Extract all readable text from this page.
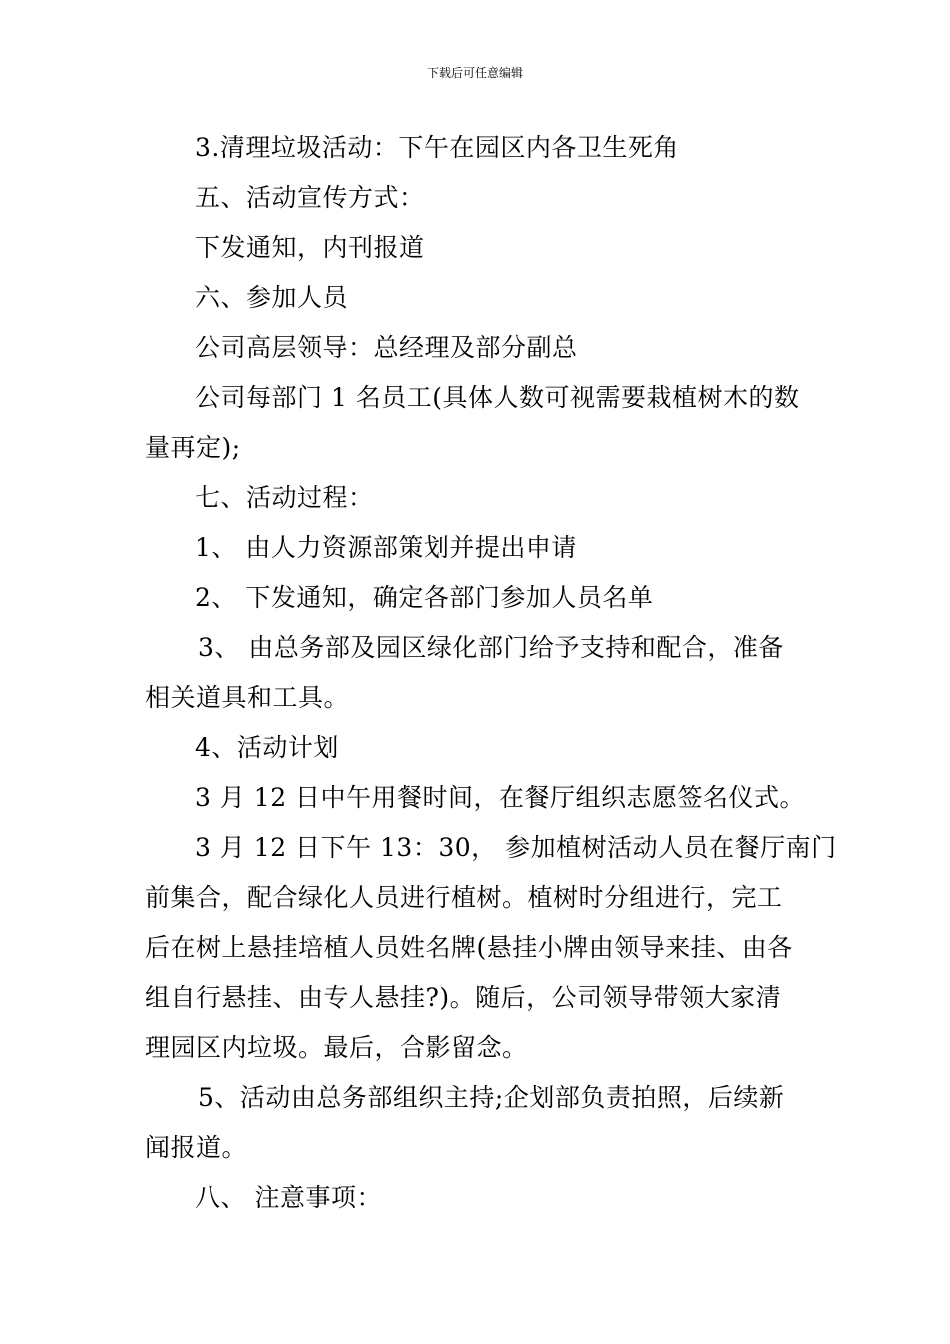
下载后可任意编辑
3.清理垃圾活动：下午在园区内各卫生死角
五、活动宣传方式：
下发通知，内刊报道
六、参加人员
公司高层领导：总经理及部分副总
公司每部门 1 名员工(具体人数可视需要栽植树木的数
量再定);
七、活动过程：
1、 由人力资源部策划并提出申请
2、 下发通知，确定各部门参加人员名单
3、 由总务部及园区绿化部门给予支持和配合，准备
相关道具和工具。
4、活动计划
3 月 12 日中午用餐时间，在餐厅组织志愿签名仪式。
3 月 12 日下午 13：30， 参加植树活动人员在餐厅南门
前集合，配合绿化人员进行植树。植树时分组进行，完工
后在树上悬挂培植人员姓名牌(悬挂小牌由领导来挂、由各
组自行悬挂、由专人悬挂?)。随后，公司领导带领大家清
理园区内垃圾。最后，合影留念。
5、活动由总务部组织主持;企划部负责拍照，后续新
闻报道。
八、 注意事项：
